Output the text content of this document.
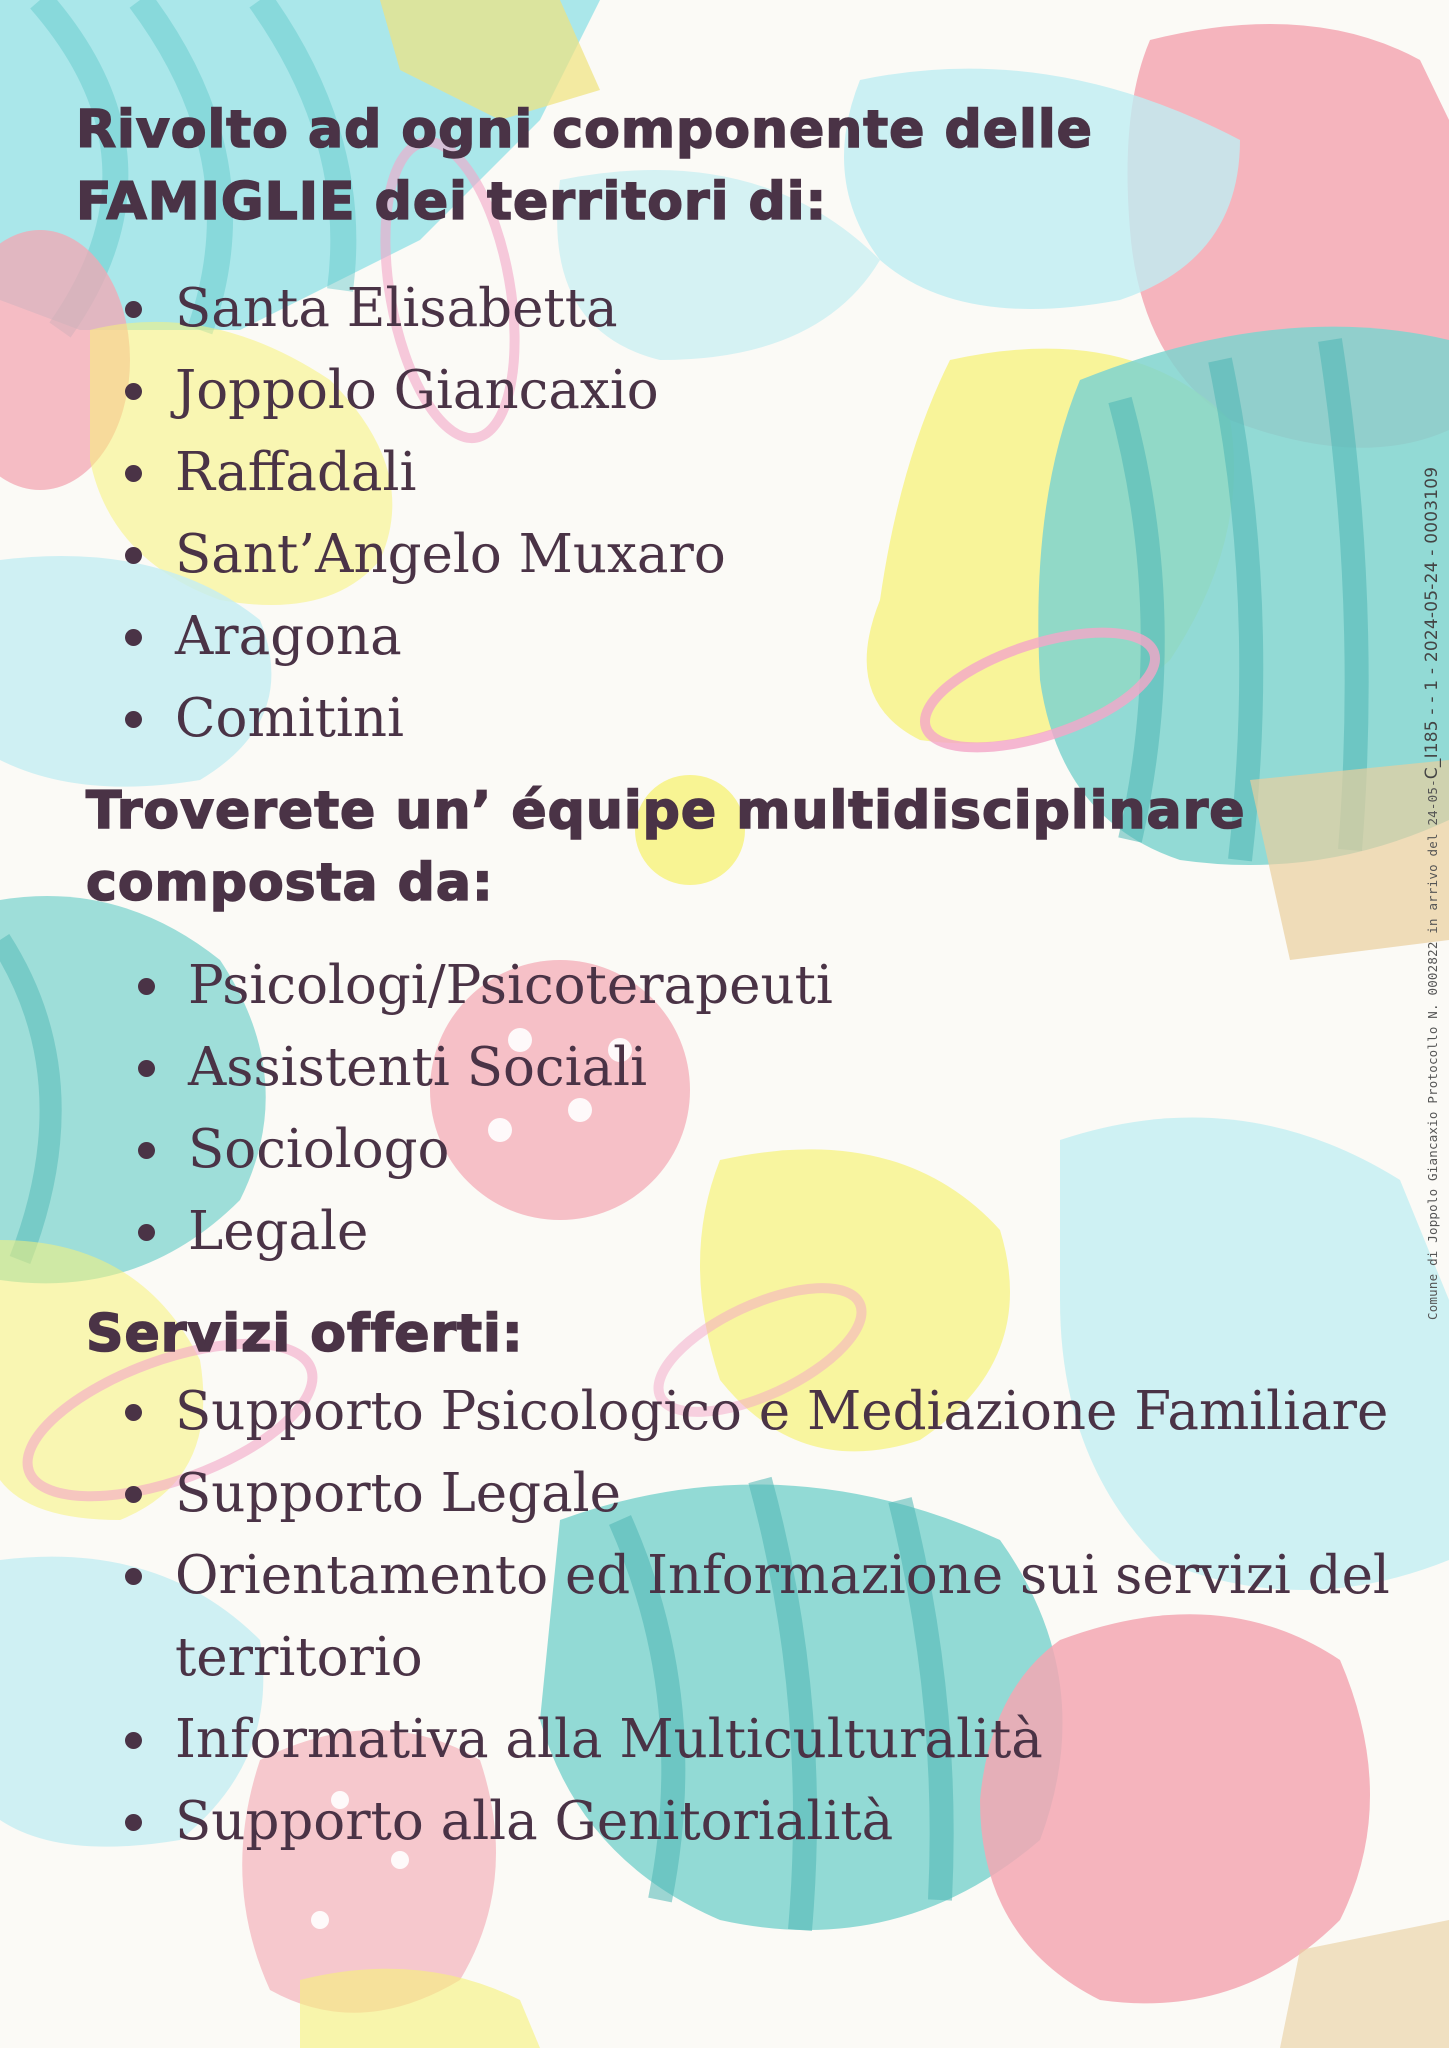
Rivolto ad ogni componente delle
FAMIGLIE dei territori di:
Santa Elisabetta
Joppolo Giancaxio
Raffadali
Sant’Angelo Muxaro
Aragona
Comitini
Troverete un’ équipe multidisciplinare
composta da:
Psicologi/Psicoterapeuti
Assistenti Sociali
Sociologo
Legale
Servizi offerti:
Supporto Psicologico e Mediazione Familiare
Supporto Legale
Orientamento ed Informazione sui servizi del territorio
Informativa alla Multiculturalità
Supporto alla Genitorialità
Comune di Joppolo Giancaxio Protocollo N. 0002822 in arrivo del 24-05-C_I185 - - 1 - 2024-05-24 - 0003109
